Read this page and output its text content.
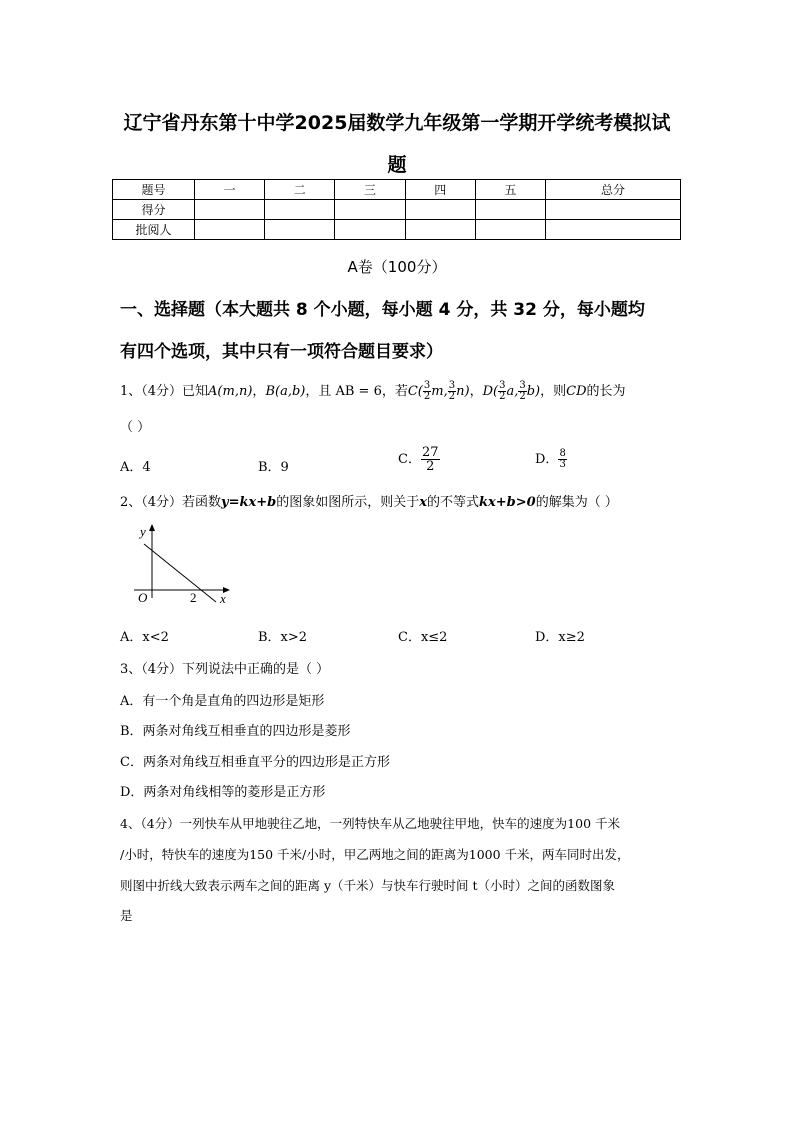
辽宁省丹东第十中学2025届数学九年级第一学期开学统考模拟试
题
题号	一	二	三	四	五	总分
得分						
批阅人						
A卷（100分）
一、选择题（本大题共 8 个小题，每小题 4 分，共 32 分，每小题均
有四个选项，其中只有一项符合题目要求）
1、（4分）已知A(m,n)，B(a,b)，且 AB = 6，若$C( \frac{3}{2} m$, $\frac{3}{2} n$)，$D( \frac{3}{2} a$, $\frac{3}{2} b$)，则CD的长为
（ ）
A．4	B．9
C． $\frac{27}{2}$	D． $\frac{8}{3}$
2、（4分）若函数y=kx+b的图象如图所示，则关于x的不等式kx+b>0的解集为（ ）
y
x
O	2
A．x<2	B．x>2	C．x≤2	D．x≥2
3、（4分）下列说法中正确的是（ ）
A．有一个角是直角的四边形是矩形
B．两条对角线互相垂直的四边形是菱形
C．两条对角线互相垂直平分的四边形是正方形
D．两条对角线相等的菱形是正方形
4、（4分）一列快车从甲地驶往乙地，一列特快车从乙地驶往甲地，快车的速度为100 千米
/小时，特快车的速度为150 千米/小时，甲乙两地之间的距离为1000 千米，两车同时出发，
则图中折线大致表示两车之间的距离 y（千米）与快车行驶时间 t（小时）之间的函数图象
是
